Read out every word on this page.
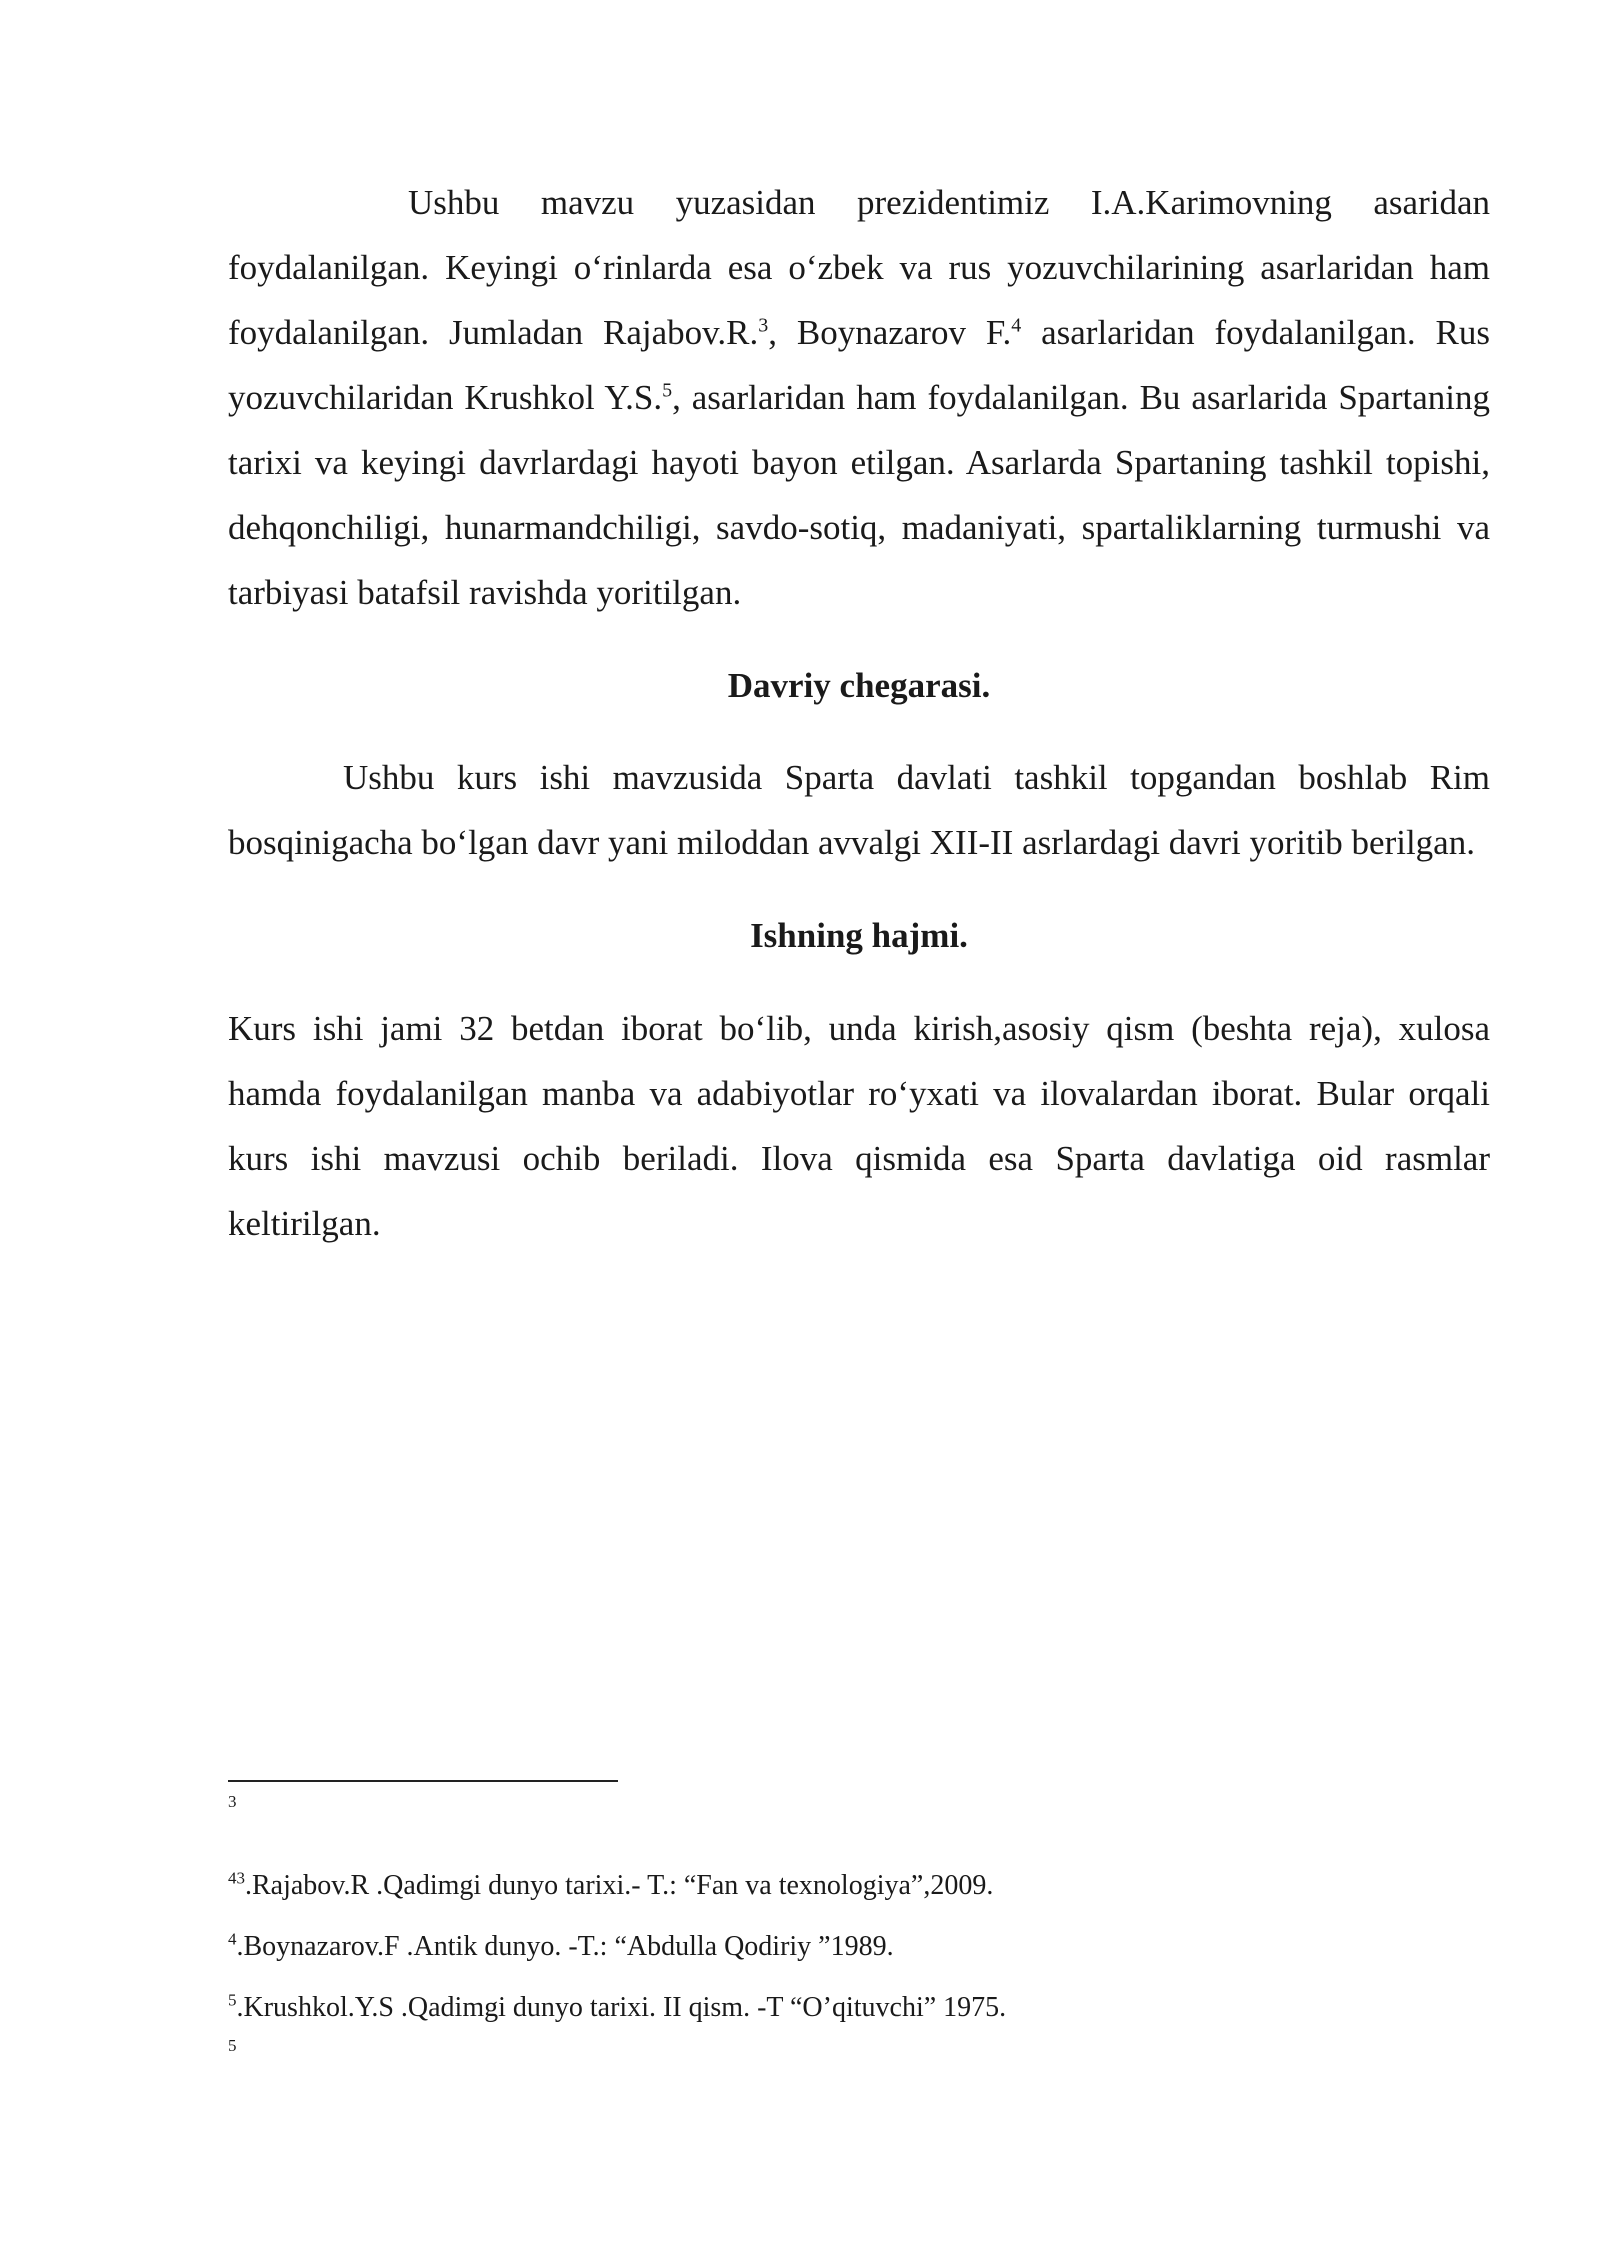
Ushbu mavzu yuzasidan prezidentimiz I.A.Karimovning asaridan foydalanilgan. Keyingi o‘rinlarda esa o‘zbek va rus yozuvchilarining asarlaridan ham foydalanilgan. Jumladan Rajabov.R.$^3$, Boynazarov F.$^4$ asarlaridan foydalanilgan. Rus yozuvchilaridan Krushkol Y.S.$^5$, asarlaridan ham foydalanilgan. Bu asarlarida Spartaning tarixi va keyingi davrlardagi hayoti bayon etilgan. Asarlarda Spartaning tashkil topishi, dehqonchiligi, hunarmandchiligi, savdo-sotiq, madaniyati, spartaliklarning turmushi va tarbiyasi batafsil ravishda yoritilgan.

Davriy chegarasi.

Ushbu kurs ishi mavzusida Sparta davlati tashkil topgandan boshlab Rim bosqinigacha bo‘lgan davr yani miloddan avvalgi XII-II asrlardagi davri yoritib berilgan.

Ishning hajmi.

Kurs ishi jami 32 betdan iborat bo‘lib, unda kirish,asosiy qism (beshta reja), xulosa hamda foydalanilgan manba va adabiyotlar ro‘yxati va ilovalardan iborat. Bular orqali kurs ishi mavzusi ochib beriladi. Ilova qismida esa Sparta davlatiga oid rasmlar keltirilgan.

3

$^{43}$.Rajabov.R .Qadimgi dunyo tarixi.- T.: “Fan va texnologiya”,2009.

$^4$.Boynazarov.F .Antik dunyo. -T.: “Abdulla Qodiriy ”1989.

$^5$.Krushkol.Y.S .Qadimgi dunyo tarixi. II qism. -T “O’qituvchi” 1975.

5
